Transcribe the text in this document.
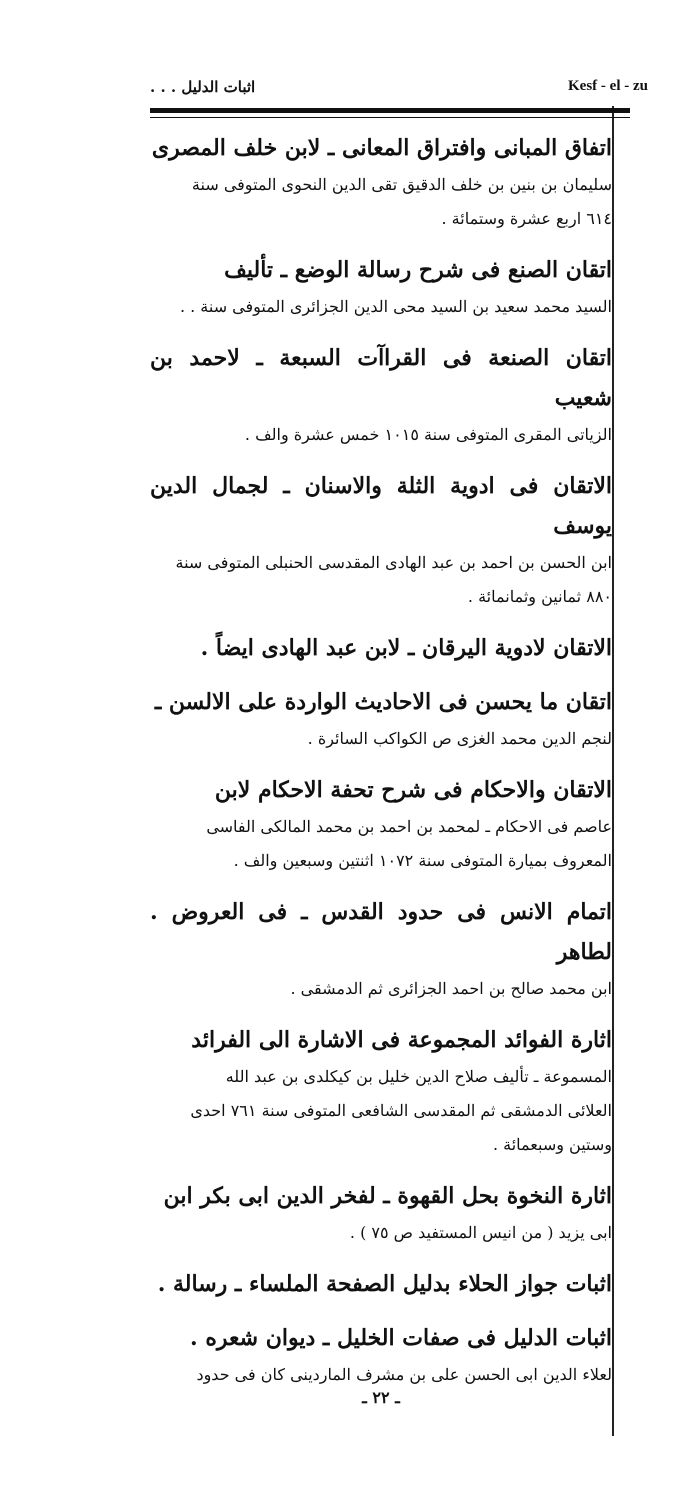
اثبات الدليل . . .	Kesf - el - zu

اتفاق المبانى وافتراق المعانى ـ لابن خلف المصرى

سليمان بن بنين بن خلف الدقيق تقى الدين النحوى المتوفى سنة

٦١٤ اربع عشرة وستمائة .

اتقان الصنع فى شرح رسالة الوضع ـ تأليف

السيد محمد سعيد بن السيد محى الدين الجزائرى المتوفى سنة . .

اتقان الصنعة فى القراآت السبعة ـ لاحمد بن شعيب

الزياتى المقرى المتوفى سنة ١٠١٥ خمس عشرة والف .

الاتقان فى ادوية الثلة والاسنان ـ لجمال الدين يوسف

ابن الحسن بن احمد بن عبد الهادى المقدسى الحنبلى المتوفى سنة

٨٨٠ ثمانين وثمانمائة .

الاتقان لادوية اليرقان ـ لابن عبد الهادى ايضاً .

اتقان ما يحسن فى الاحاديث الواردة على الالسن ـ

لنجم الدين محمد الغزى ص الكواكب السائرة .

الاتقان والاحكام فى شرح تحفة الاحكام لابن

عاصم فى الاحكام ـ لمحمد بن احمد بن محمد المالكى الفاسى

المعروف بميارة المتوفى سنة ١٠٧٢ اثنتين وسبعين والف .

اتمام الانس فى حدود القدس ـ فى العروض . لطاهر

ابن محمد صالح بن احمد الجزائرى ثم الدمشقى .

اثارة الفوائد المجموعة فى الاشارة الى الفرائد

المسموعة ـ تأليف صلاح الدين خليل بن كيكلدى بن عبد الله

العلائى الدمشقى ثم المقدسى الشافعى المتوفى سنة ٧٦١ احدى

وستين وسبعمائة .

اثارة النخوة بحل القهوة ـ لفخر الدين ابى بكر ابن

ابى يزيد ( من انيس المستفيد ص ٧٥ ) .

اثبات جواز الحلاء بدليل الصفحة الملساء ـ رسالة .

اثبات الدليل فى صفات الخليل ـ ديوان شعره .

لعلاء الدين ابى الحسن على بن مشرف الماردينى كان فى حدود

ـ ٢٢ ـ
